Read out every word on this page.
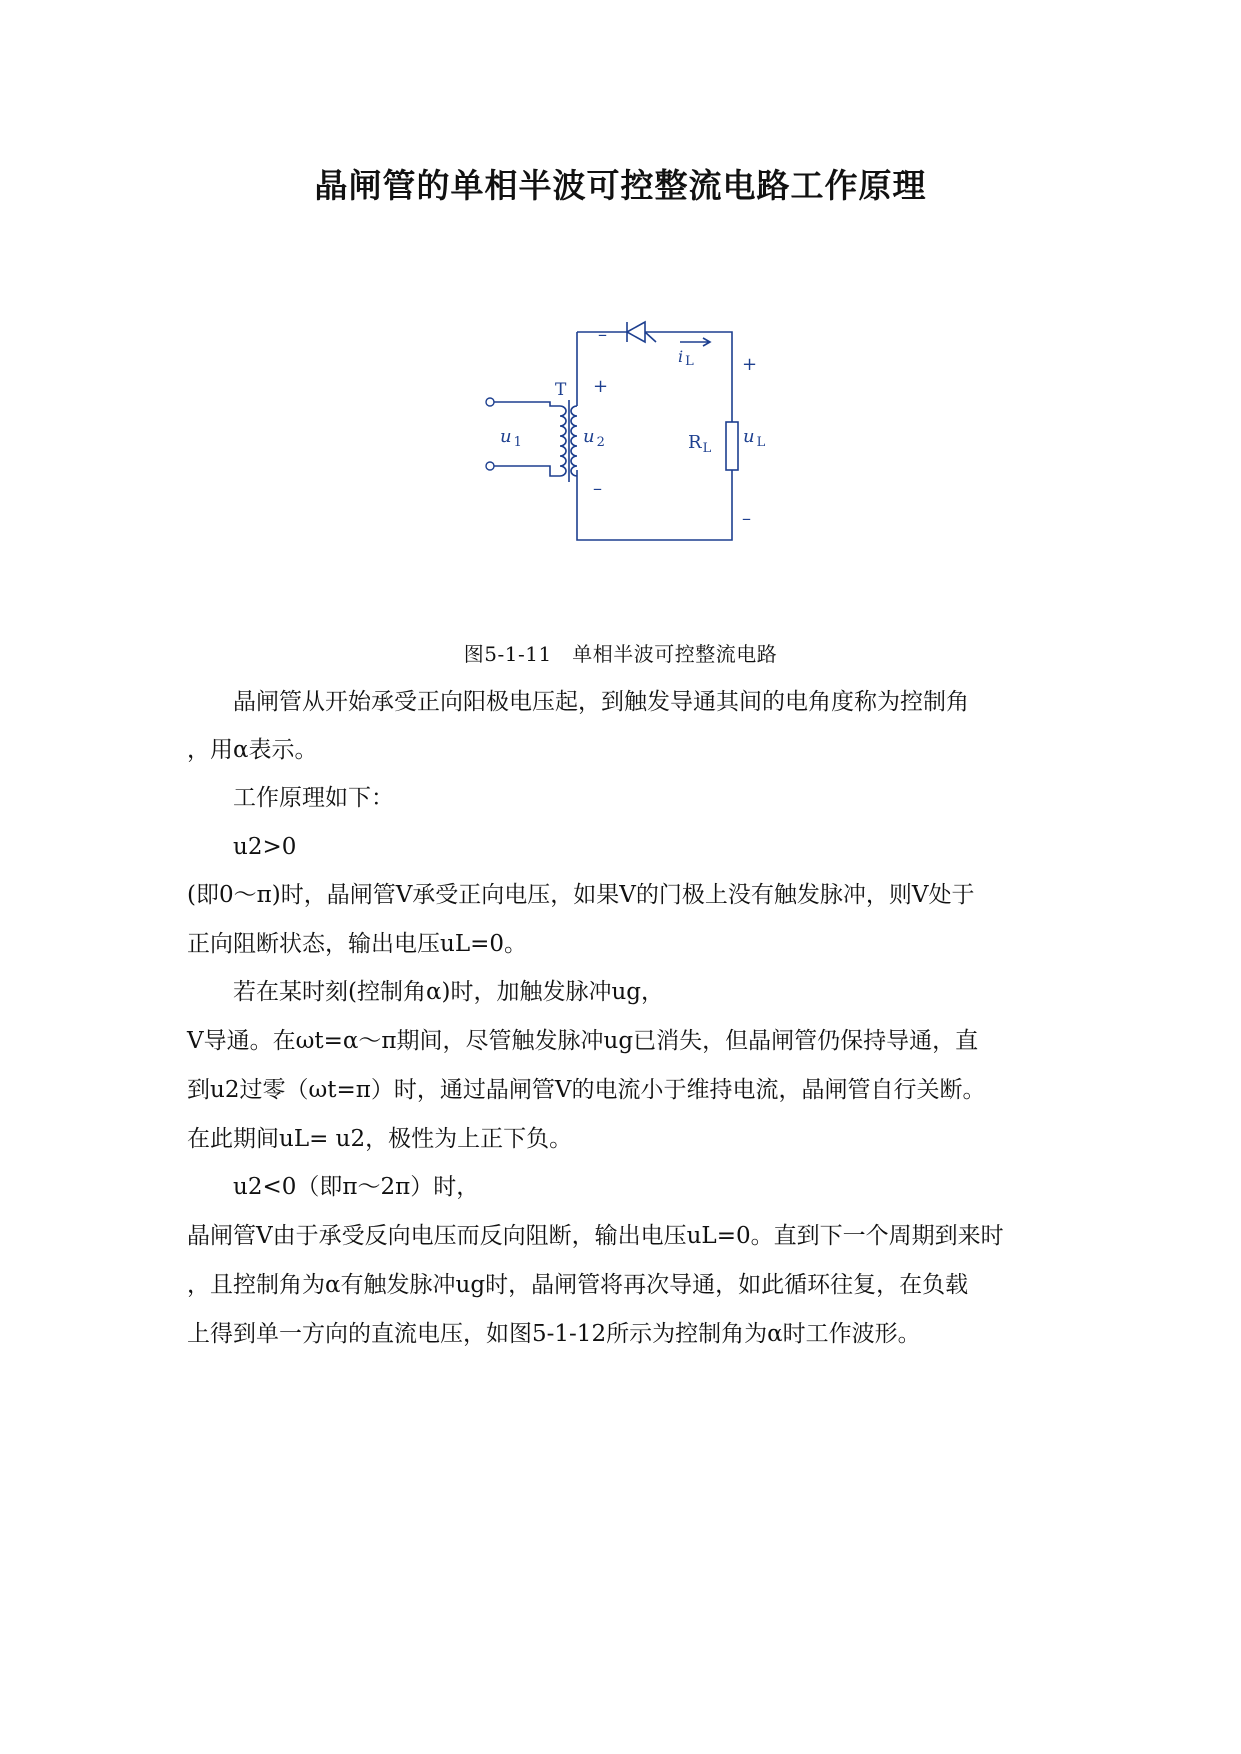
晶闸管的单相半波可控整流电路工作原理
T
u $_1$	u $_2$
i L
$R_L$
u $_L$
–
+
–
+
–
图5-1-11　单相半波可控整流电路
晶闸管从开始承受正向阳极电压起，到触发导通其间的电角度称为控制角
，用α表示。
工作原理如下：
u2>0
(即0～π)时，晶闸管V承受正向电压，如果V的门极上没有触发脉冲，则V处于
正向阻断状态，输出电压uL=0。
若在某时刻(控制角α)时，加触发脉冲ug，
V导通。在ωt=α～π期间，尽管触发脉冲ug已消失，但晶闸管仍保持导通，直
到u2过零（ωt=π）时，通过晶闸管V的电流小于维持电流，晶闸管自行关断。
在此期间uL= u2，极性为上正下负。
u2<0（即π～2π）时，
晶闸管V由于承受反向电压而反向阻断，输出电压uL=0。直到下一个周期到来时
，且控制角为α有触发脉冲ug时，晶闸管将再次导通，如此循环往复，在负载
上得到单一方向的直流电压，如图5-1-12所示为控制角为α时工作波形。
